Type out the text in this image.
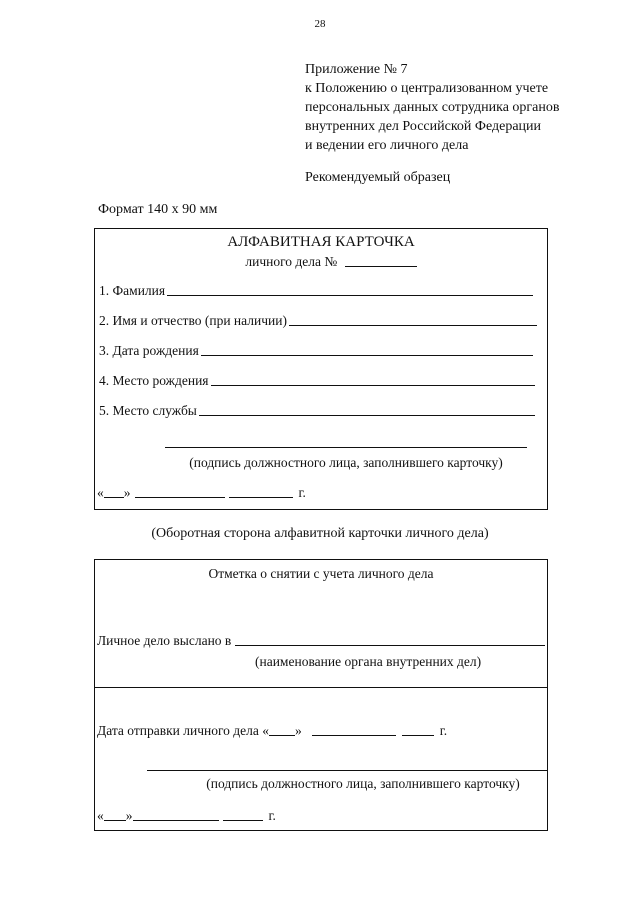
28
Приложение № 7
к Положению о централизованном учете
персональных данных сотрудника органов
внутренних дел Российской Федерации
и ведении его личного дела
Рекомендуемый образец
Формат 140 х 90 мм
АЛФАВИТНАЯ КАРТОЧКА
личного дела №
1. Фамилия
2. Имя и отчество (при наличии)
3. Дата рождения
4. Место рождения
5. Место службы
(подпись должностного лица, заполнившего карточку)
« »	г.
(Оборотная сторона алфавитной карточки личного дела)
Отметка о снятии с учета личного дела
Личное дело выслано в
(наименование органа внутренних дел)
Дата отправки личного дела « »	г.
(подпись должностного лица, заполнившего карточку)
« »	г.
